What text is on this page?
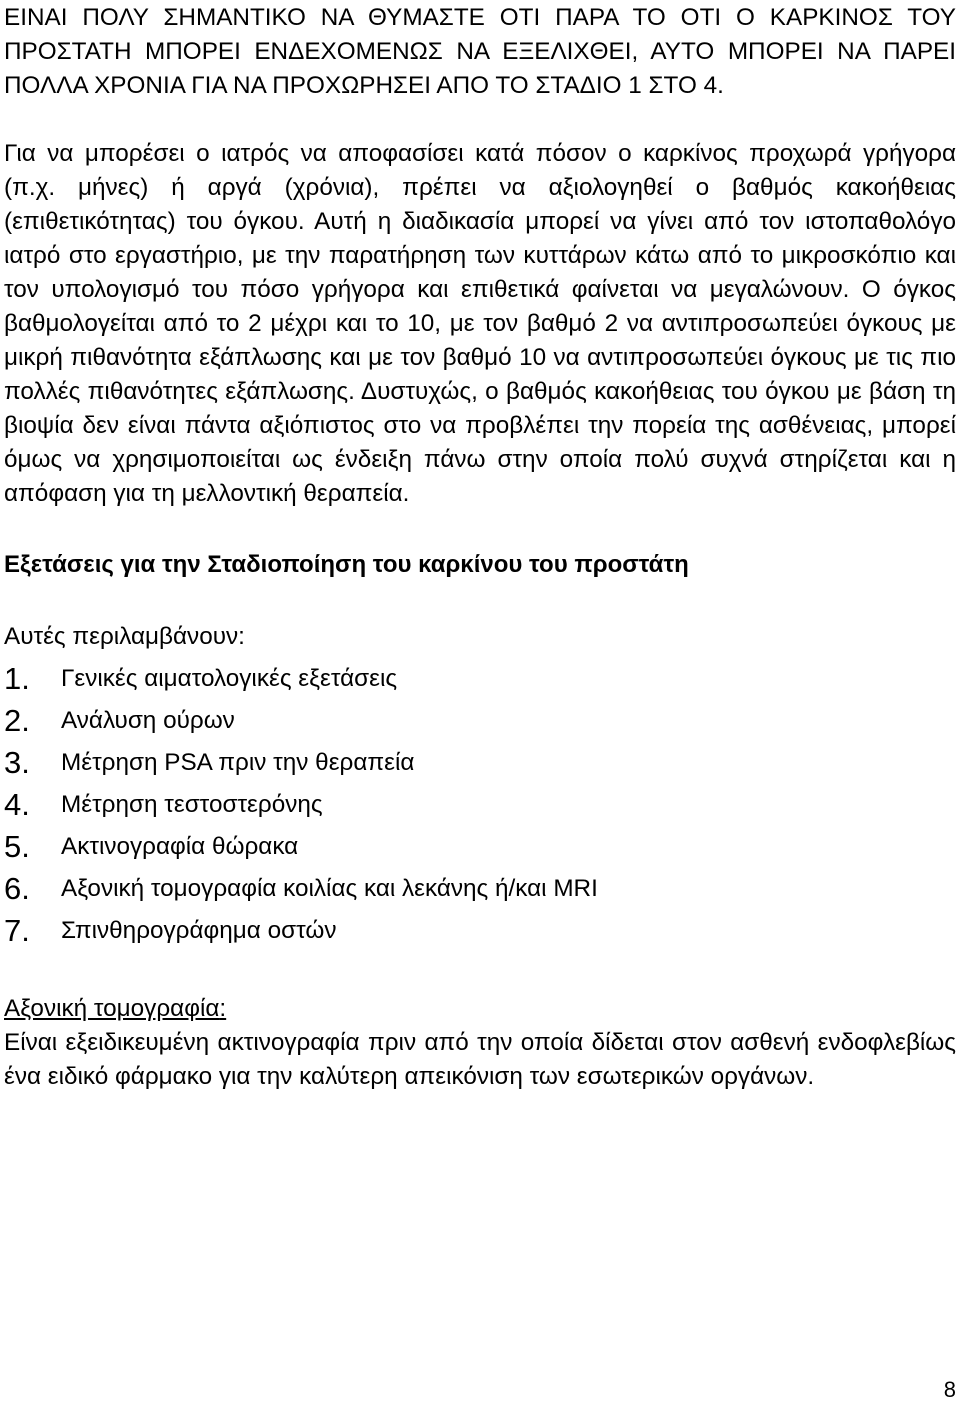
ΕΙΝΑΙ ΠΟΛΥ ΣΗΜΑΝΤΙΚΟ ΝΑ ΘΥΜΑΣΤΕ ΟΤΙ ΠΑΡΑ ΤΟ ΟΤΙ Ο ΚΑΡΚΙΝΟΣ ΤΟΥ ΠΡΟΣΤΑΤΗ ΜΠΟΡΕΙ ΕΝΔΕΧΟΜΕΝΩΣ ΝΑ ΕΞΕΛΙΧΘΕΙ, ΑΥΤΟ ΜΠΟΡΕΙ ΝΑ ΠΑΡΕΙ ΠΟΛΛΑ ΧΡΟΝΙΑ ΓΙΑ ΝΑ ΠΡΟΧΩΡΗΣΕΙ ΑΠΟ ΤΟ ΣΤΑΔΙΟ 1 ΣΤΟ 4.

Για να μπορέσει ο ιατρός να αποφασίσει κατά πόσον ο καρκίνος προχωρά γρήγορα (π.χ. μήνες) ή αργά (χρόνια), πρέπει να αξιολογηθεί ο βαθμός κακοήθειας (επιθετικότητας) του όγκου. Αυτή η διαδικασία μπορεί να γίνει από τον ιστοπαθολόγο ιατρό στο εργαστήριο, με την παρατήρηση των κυττάρων κάτω από το μικροσκόπιο και τον υπολογισμό του πόσο γρήγορα και επιθετικά φαίνεται να μεγαλώνουν. Ο όγκος βαθμολογείται από το 2 μέχρι και το 10, με τον βαθμό 2 να αντιπροσωπεύει όγκους με μικρή πιθανότητα εξάπλωσης και με τον βαθμό 10 να αντιπροσωπεύει όγκους με τις πιο πολλές πιθανότητες εξάπλωσης. Δυστυχώς, ο βαθμός κακοήθειας του όγκου με βάση τη βιοψία δεν είναι πάντα αξιόπιστος στο να προβλέπει την πορεία της ασθένειας, μπορεί όμως να χρησιμοποιείται ως ένδειξη πάνω στην οποία πολύ συχνά στηρίζεται και η απόφαση για τη μελλοντική θεραπεία.

Εξετάσεις για την Σταδιοποίηση του καρκίνου του προστάτη

Αυτές περιλαμβάνουν:

1.	Γενικές αιματολογικές εξετάσεις
2.	Ανάλυση ούρων
3.	Μέτρηση PSA πριν την θεραπεία
4.	Μέτρηση τεστοστερόνης
5.	Ακτινογραφία θώρακα
6.	Αξονική τομογραφία κοιλίας και λεκάνης ή/και MRI
7.	Σπινθηρογράφημα οστών

Αξονική τομογραφία:

Είναι εξειδικευμένη ακτινογραφία πριν από την οποία δίδεται στον ασθενή ενδοφλεβίως ένα ειδικό φάρμακο για την καλύτερη απεικόνιση των εσωτερικών οργάνων.

8
